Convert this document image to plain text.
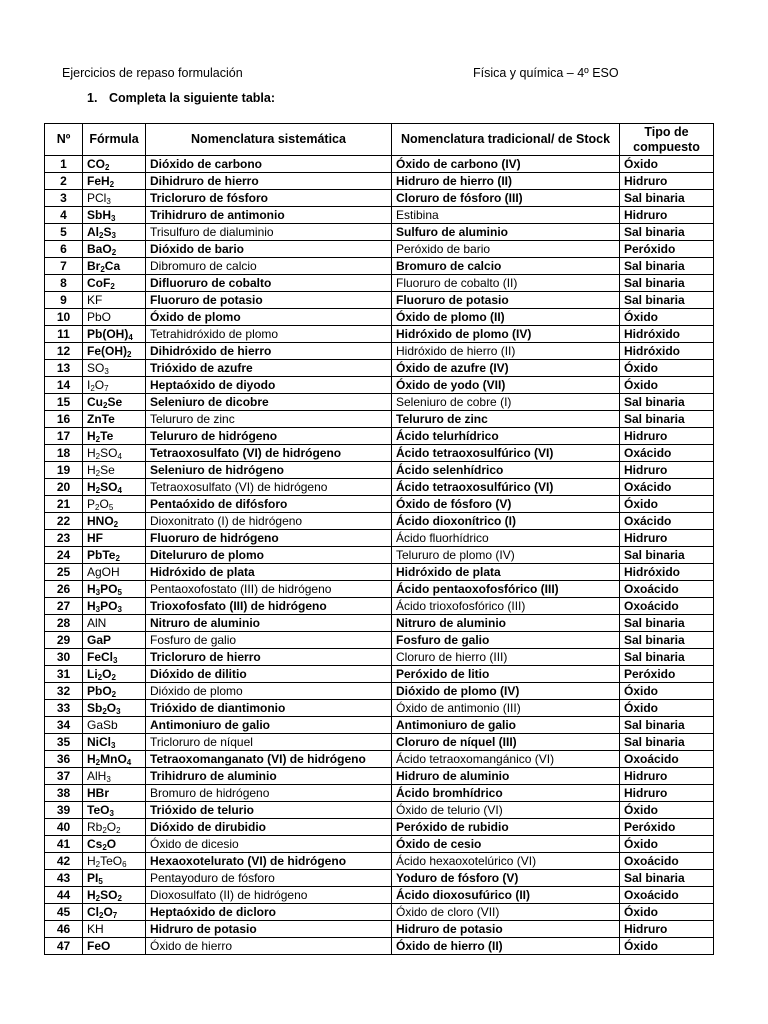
Ejercicios de repaso formulación	Física y química – 4º ESO
1. Completa la siguiente tabla:
Nº	Fórmula	Nomenclatura sistemática	Nomenclatura tradicional/ de Stock	Tipo de compuesto
1	$CO_2$	Dióxido de carbono	Óxido de carbono (IV)	Óxido
2	FeH$_2$	Dihidruro de hierro	Hidruro de hierro (II)	Hidruro
3	PCl$_3$	Tricloruro de fósforo	Cloruro de fósforo (III)	Sal binaria
4	SbH$_3$	Trihidruro de antimonio	Estibina	Hidruro
5	$Al_2S_3$	Trisulfuro de dialuminio	Sulfuro de aluminio	Sal binaria
6	BaO$_2$	Dióxido de bario	Peróxido de bario	Peróxido
7	$Br_2Ca$	Dibromuro de calcio	Bromuro de calcio	Sal binaria
8	CoF$_2$	Difluoruro de cobalto	Fluoruro de cobalto (II)	Sal binaria
9	KF	Fluoruro de potasio	Fluoruro de potasio	Sal binaria
10	PbO	Óxido de plomo	Óxido de plomo (II)	Óxido
11	$Pb(OH)_4$	Tetrahidróxido de plomo	Hidróxido de plomo (IV)	Hidróxido
12	$Fe(OH)_2$	Dihidróxido de hierro	Hidróxido de hierro (II)	Hidróxido
13	$SO_3$	Trióxido de azufre	Óxido de azufre (IV)	Óxido
14	$I_2O_7$	Heptaóxido de diyodo	Óxido de yodo (VII)	Óxido
15	$Cu_2Se$	Seleniuro de dicobre	Seleniuro de cobre (I)	Sal binaria
16	ZnTe	Telururo de zinc	Telururo de zinc	Sal binaria
17	$H_2Te$	Telururo de hidrógeno	Ácido telurhídrico	Hidruro
18	$H_2SO_4$	Tetraoxosulfato (VI) de hidrógeno	Ácido tetraoxosulfúrico (VI)	Oxácido
19	$H_2Se$	Seleniuro de hidrógeno	Ácido selenhídrico	Hidruro
20	$H_2SO_4$	Tetraoxosulfato (VI) de hidrógeno	Ácido tetraoxosulfúrico (VI)	Oxácido
21	$P_2O_5$	Pentaóxido de difósforo	Óxido de fósforo (V)	Óxido
22	$HNO_2$	Dioxonitrato (I) de hidrógeno	Ácido dioxonítrico (I)	Oxácido
23	HF	Fluoruro de hidrógeno	Ácido fluorhídrico	Hidruro
24	PbTe$_2$	Ditelururo de plomo	Telururo de plomo (IV)	Sal binaria
25	AgOH	Hidróxido de plata	Hidróxido de plata	Hidróxido
26	$H_3PO_5$	Pentaoxofostato (III) de hidrógeno	Ácido pentaoxofosfórico (III)	Oxoácido
27	$H_3PO_3$	Trioxofosfato (III) de hidrógeno	Ácido trioxofosfórico (III)	Oxoácido
28	AlN	Nitruro de aluminio	Nitruro de aluminio	Sal binaria
29	GaP	Fosfuro de galio	Fosfuro de galio	Sal binaria
30	FeCl$_3$	Tricloruro de hierro	Cloruro de hierro (III)	Sal binaria
31	$Li_2O_2$	Dióxido de dilitio	Peróxido de litio	Peróxido
32	PbO$_2$	Dióxido de plomo	Dióxido de plomo (IV)	Óxido
33	$Sb_2O_3$	Trióxido de diantimonio	Óxido de antimonio (III)	Óxido
34	GaSb	Antimoniuro de galio	Antimoniuro de galio	Sal binaria
35	NiCl$_3$	Tricloruro de níquel	Cloruro de níquel (III)	Sal binaria
36	$H_2MnO_4$	Tetraoxomanganato (VI) de hidrógeno	Ácido tetraoxomangánico (VI)	Oxoácido
37	AlH$_3$	Trihidruro de aluminio	Hidruro de aluminio	Hidruro
38	HBr	Bromuro de hidrógeno	Ácido bromhídrico	Hidruro
39	TeO$_3$	Trióxido de telurio	Óxido de telurio (VI)	Óxido
40	$Rb_2O_2$	Dióxido de dirubidio	Peróxido de rubidio	Peróxido
41	$Cs_2O$	Óxido de dicesio	Óxido de cesio	Óxido
42	$H_2TeO_6$	Hexaoxotelurato (VI) de hidrógeno	Ácido hexaoxotelúrico (VI)	Oxoácido
43	$PI_5$	Pentayoduro de fósforo	Yoduro de fósforo (V)	Sal binaria
44	$H_2SO_2$	Dioxosulfato (II) de hidrógeno	Ácido dioxosufúrico (II)	Oxoácido
45	$Cl_2O_7$	Heptaóxido de dicloro	Óxido de cloro (VII)	Óxido
46	KH	Hidruro de potasio	Hidruro de potasio	Hidruro
47	FeO	Óxido de hierro	Óxido de hierro (II)	Óxido
